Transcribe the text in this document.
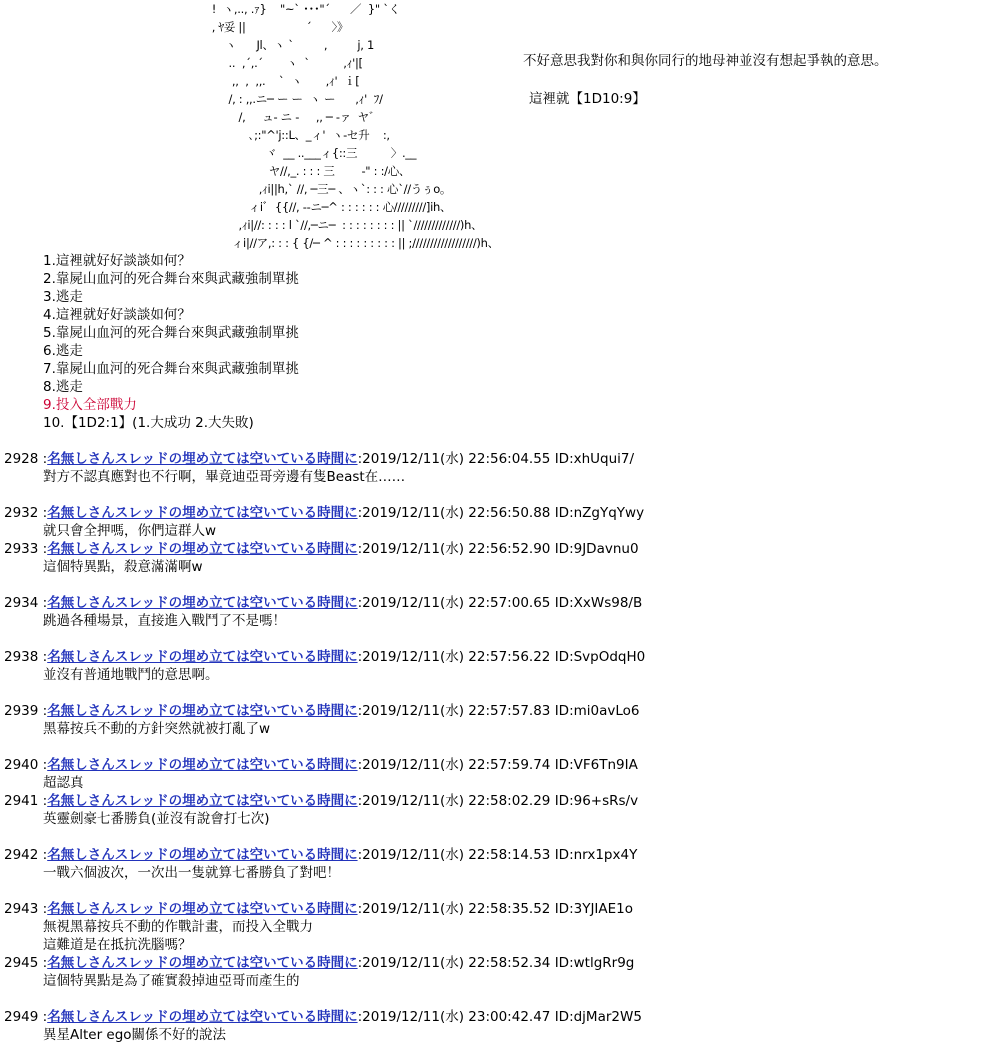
!  ヽ,.., .ｧ}    "~` ･･･"´      ／  }" `く
, ﾔ妥 ||                  ´      〉》
ヽ      Jl、ヽ `         ,         j, 1
..  ,´,.´       ヽ  `          ,ｨ'|[
,,  ,  ,,.    `  ヽ       ,ｨ'  ｉ[
/, : ,,.ニ─ ー ー  ヽ ー      ,ｨ'  ﾌ/
/,     ュ- ニ -     ,, ─ ‐ァ  ヤ゛
､;:"^'j::L、_ィ'  ヽ-セ升    :,
ヾ  __ ..___ィ{::三          〉.__
ヤ//,_. : : : 三        -" : :/心、
,ｨi||h,` //, ─三─ 、ヽ`: : : 心`//うぅo。
ィiﾞ  {{//, ‐‐ニ─^ : : : : : : 心/////////]ih、
,ｨi|//: : : : l `//,─ニ─  : : : : : : : : || `/////////////)h、
ィi|//ア,: : : { {/─ ^ : : : : : : : : : || ;//////////////////)h、
不好意思我對你和與你同行的地母神並沒有想起爭執的意思。
這裡就【1D10:9】
1.這裡就好好談談如何？
2.靠屍山血河的死合舞台來與武藏強制單挑
3.逃走
4.這裡就好好談談如何？
5.靠屍山血河的死合舞台來與武藏強制單挑
6.逃走
7.靠屍山血河的死合舞台來與武藏強制單挑
8.逃走
9.投入全部戰力
10.【1D2:1】(1.大成功 2.大失敗)
2928 :名無しさんスレッドの埋め立ては空いている時間に:2019/12/11(水) 22:56:04.55 ID:xhUqui7/
對方不認真應對也不行啊，畢竟迪亞哥旁邊有隻Beast在……
2932 :名無しさんスレッドの埋め立ては空いている時間に:2019/12/11(水) 22:56:50.88 ID:nZgYqYwy
就只會全押嗎，你們這群人w
2933 :名無しさんスレッドの埋め立ては空いている時間に:2019/12/11(水) 22:56:52.90 ID:9JDavnu0
這個特異點，殺意滿滿啊w
2934 :名無しさんスレッドの埋め立ては空いている時間に:2019/12/11(水) 22:57:00.65 ID:XxWs98/B
跳過各種場景，直接進入戰鬥了不是嗎！
2938 :名無しさんスレッドの埋め立ては空いている時間に:2019/12/11(水) 22:57:56.22 ID:SvpOdqH0
並沒有普通地戰鬥的意思啊。
2939 :名無しさんスレッドの埋め立ては空いている時間に:2019/12/11(水) 22:57:57.83 ID:mi0avLo6
黑幕按兵不動的方針突然就被打亂了w
2940 :名無しさんスレッドの埋め立ては空いている時間に:2019/12/11(水) 22:57:59.74 ID:VF6Tn9IA
超認真
2941 :名無しさんスレッドの埋め立ては空いている時間に:2019/12/11(水) 22:58:02.29 ID:96+sRs/v
英靈劍豪七番勝負(並沒有說會打七次)
2942 :名無しさんスレッドの埋め立ては空いている時間に:2019/12/11(水) 22:58:14.53 ID:nrx1px4Y
一戰六個波次，一次出一隻就算七番勝負了對吧！
2943 :名無しさんスレッドの埋め立ては空いている時間に:2019/12/11(水) 22:58:35.52 ID:3YJIAE1o
無視黑幕按兵不動的作戰計畫，而投入全戰力
這難道是在抵抗洗腦嗎？
2945 :名無しさんスレッドの埋め立ては空いている時間に:2019/12/11(水) 22:58:52.34 ID:wtlgRr9g
這個特異點是為了確實殺掉迪亞哥而產生的
2949 :名無しさんスレッドの埋め立ては空いている時間に:2019/12/11(水) 23:00:42.47 ID:djMar2W5
異星Alter ego關係不好的說法
